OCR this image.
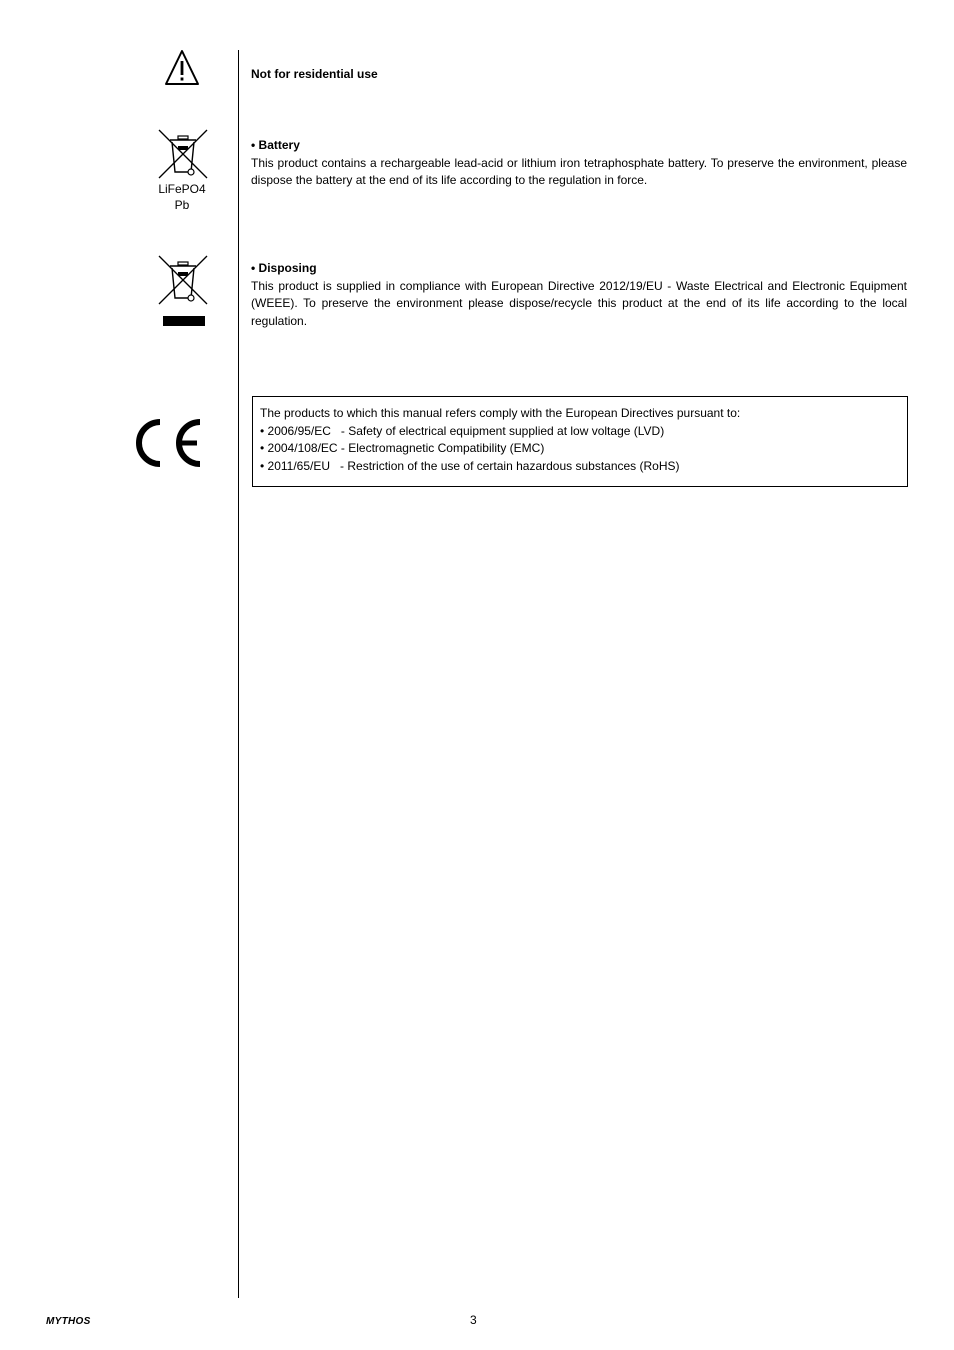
Not for residential use
LiFePO4
Pb
• Battery
This product contains a rechargeable lead-acid or lithium iron tetraphosphate battery. To preserve the environment, please dispose the battery at the end of its life according to the regulation in force.
• Disposing
This product is supplied in compliance with European Directive 2012/19/EU - Waste Electrical and Electronic Equipment (WEEE). To preserve the environment please dispose/recycle this product at the end of its life according to the local regulation.
The products to which this manual refers comply with the European Directives pursuant to:
• 2006/95/EC   - Safety of electrical equipment supplied at low voltage (LVD)
• 2004/108/EC - Electromagnetic Compatibility (EMC)
• 2011/65/EU   - Restriction of the use of certain hazardous substances (RoHS)
MYTHOS	3
